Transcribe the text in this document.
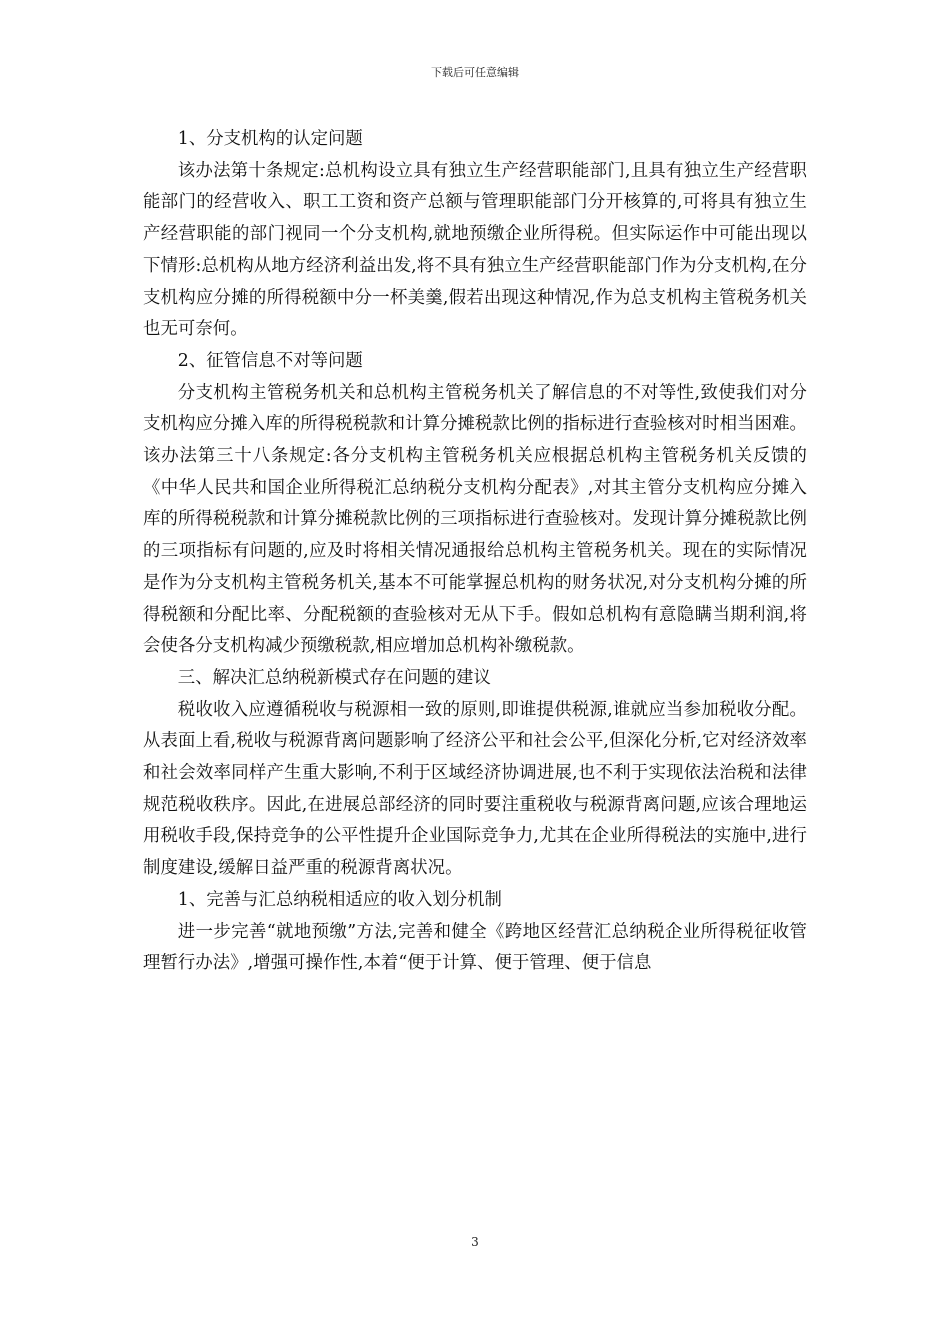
下载后可任意编辑

1、分支机构的认定问题

该办法第十条规定:总机构设立具有独立生产经营职能部门,且具有独立生产经营职能部门的经营收入、职工工资和资产总额与管理职能部门分开核算的,可将具有独立生产经营职能的部门视同一个分支机构,就地预缴企业所得税。但实际运作中可能出现以下情形:总机构从地方经济利益出发,将不具有独立生产经营职能部门作为分支机构,在分支机构应分摊的所得税额中分一杯美羹,假若出现这种情况,作为总支机构主管税务机关也无可奈何。

2、征管信息不对等问题

分支机构主管税务机关和总机构主管税务机关了解信息的不对等性,致使我们对分支机构应分摊入库的所得税税款和计算分摊税款比例的指标进行查验核对时相当困难。该办法第三十八条规定:各分支机构主管税务机关应根据总机构主管税务机关反馈的《中华人民共和国企业所得税汇总纳税分支机构分配表》,对其主管分支机构应分摊入库的所得税税款和计算分摊税款比例的三项指标进行查验核对。发现计算分摊税款比例的三项指标有问题的,应及时将相关情况通报给总机构主管税务机关。现在的实际情况是作为分支机构主管税务机关,基本不可能掌握总机构的财务状况,对分支机构分摊的所得税额和分配比率、分配税额的查验核对无从下手。假如总机构有意隐瞒当期利润,将会使各分支机构减少预缴税款,相应增加总机构补缴税款。

三、解决汇总纳税新模式存在问题的建议

税收收入应遵循税收与税源相一致的原则,即谁提供税源,谁就应当参加税收分配。从表面上看,税收与税源背离问题影响了经济公平和社会公平,但深化分析,它对经济效率和社会效率同样产生重大影响,不利于区域经济协调进展,也不利于实现依法治税和法律规范税收秩序。因此,在进展总部经济的同时要注重税收与税源背离问题,应该合理地运用税收手段,保持竞争的公平性提升企业国际竞争力,尤其在企业所得税法的实施中,进行制度建设,缓解日益严重的税源背离状况。

1、完善与汇总纳税相适应的收入划分机制

进一步完善“就地预缴”方法,完善和健全《跨地区经营汇总纳税企业所得税征收管理暂行办法》,增强可操作性,本着“便于计算、便于管理、便于信息

3
